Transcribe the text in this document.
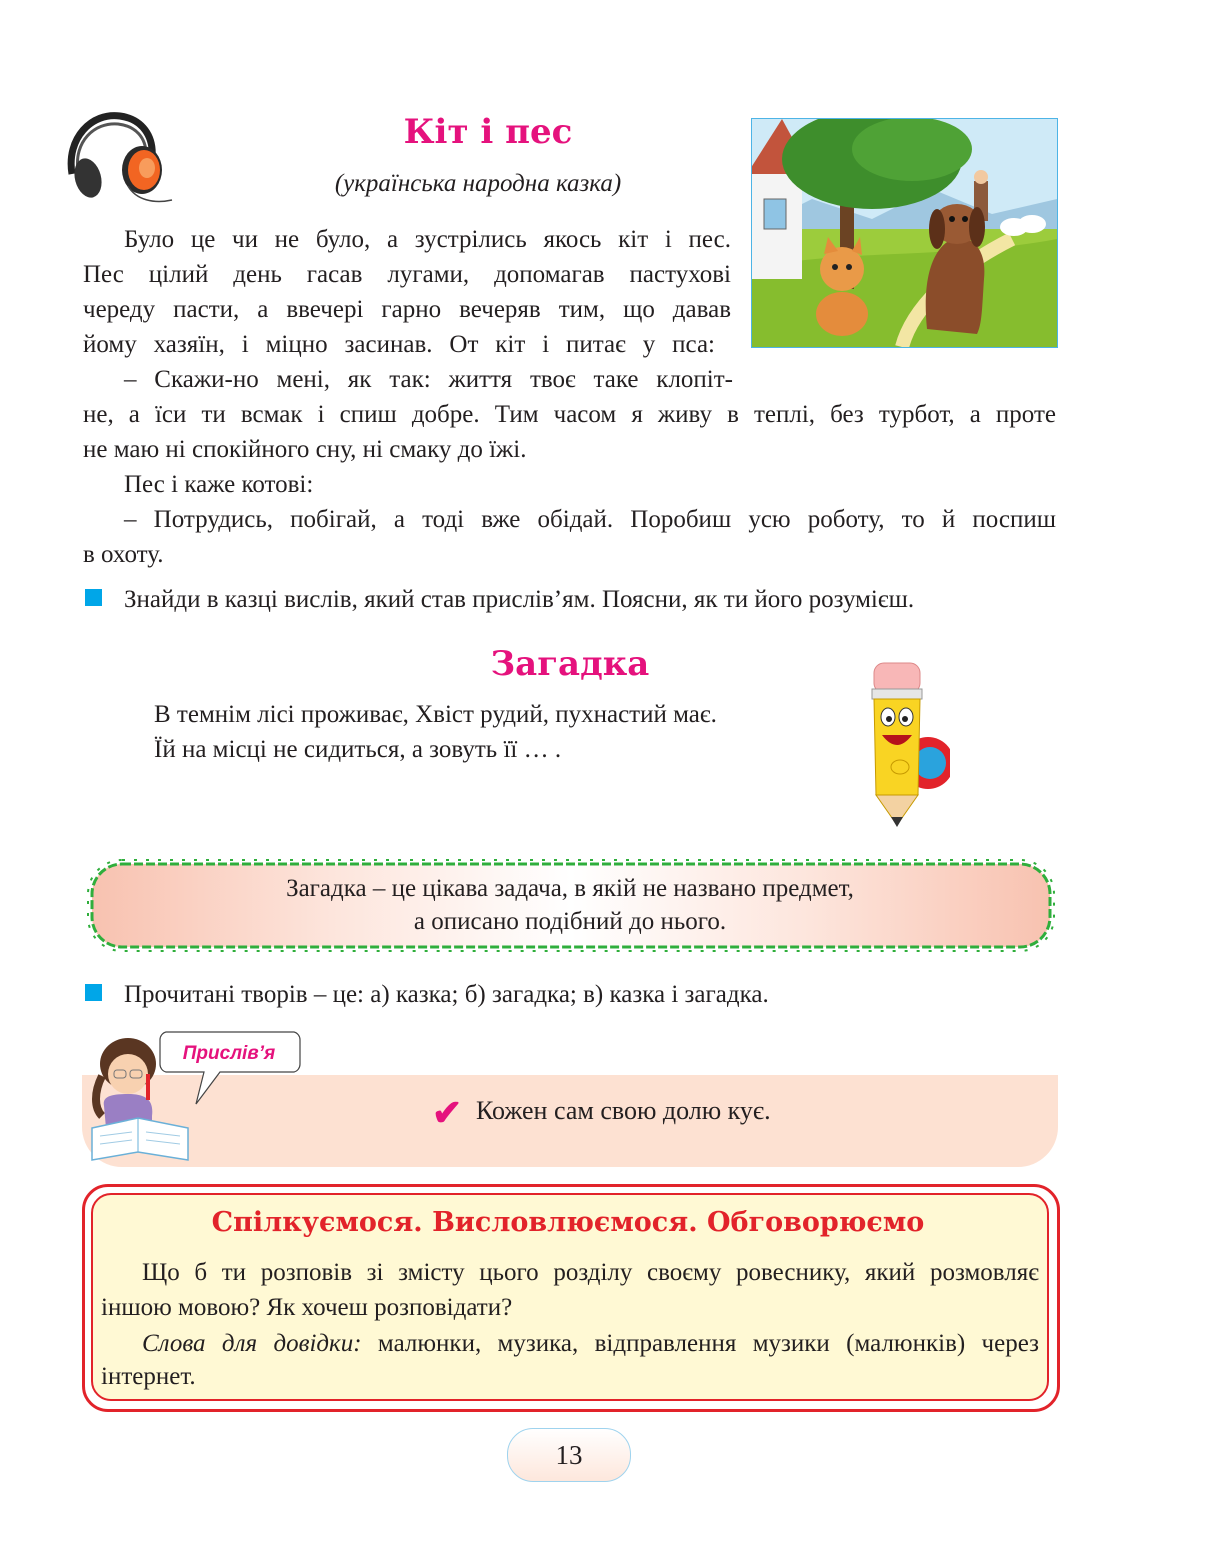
Кіт і пес
(українська народна казка)
Було це чи не було, а зустрілись якось кіт і пес.
Пес цілий день гасав лугами, допомагав пастухові
череду пасти, а ввечері гарно вечеряв тим, що давав
йому хазяїн, і міцно засинав. От кіт і питає у пса:
– Скажи-но мені, як так: життя твоє таке клопіт-
не, а їси ти всмак і спиш добре. Тим часом я живу в теплі, без турбот, а проте
не маю ні спокійного сну, ні смаку до їжі.
Пес і каже котові:
– Потрудись, побігай, а тоді вже обідай. Поробиш усю роботу, то й поспиш
в охоту.
Знайди в казці вислів, який став прислів’ям. Поясни, як ти його розумієш.
Загадка
В темнім лісі проживає, Хвіст рудий, пухнастий має.
Їй на місці не сидиться, а зовуть її … .
Загадка – це цікава задача, в якій не названо предмет,
а описано подібний до нього.
Прочитані творів – це: а) казка; б) загадка; в) казка і загадка.
Прислів’я
✔ Кожен сам свою долю кує.
Спілкуємося. Висловлюємося. Обговорюємо
Що б ти розповів зі змісту цього розділу своєму ровеснику, який розмовляє
іншою мовою? Як хочеш розповідати?
Слова для довідки: малюнки, музика, відправлення музики (малюнків) через
інтернет.
13
